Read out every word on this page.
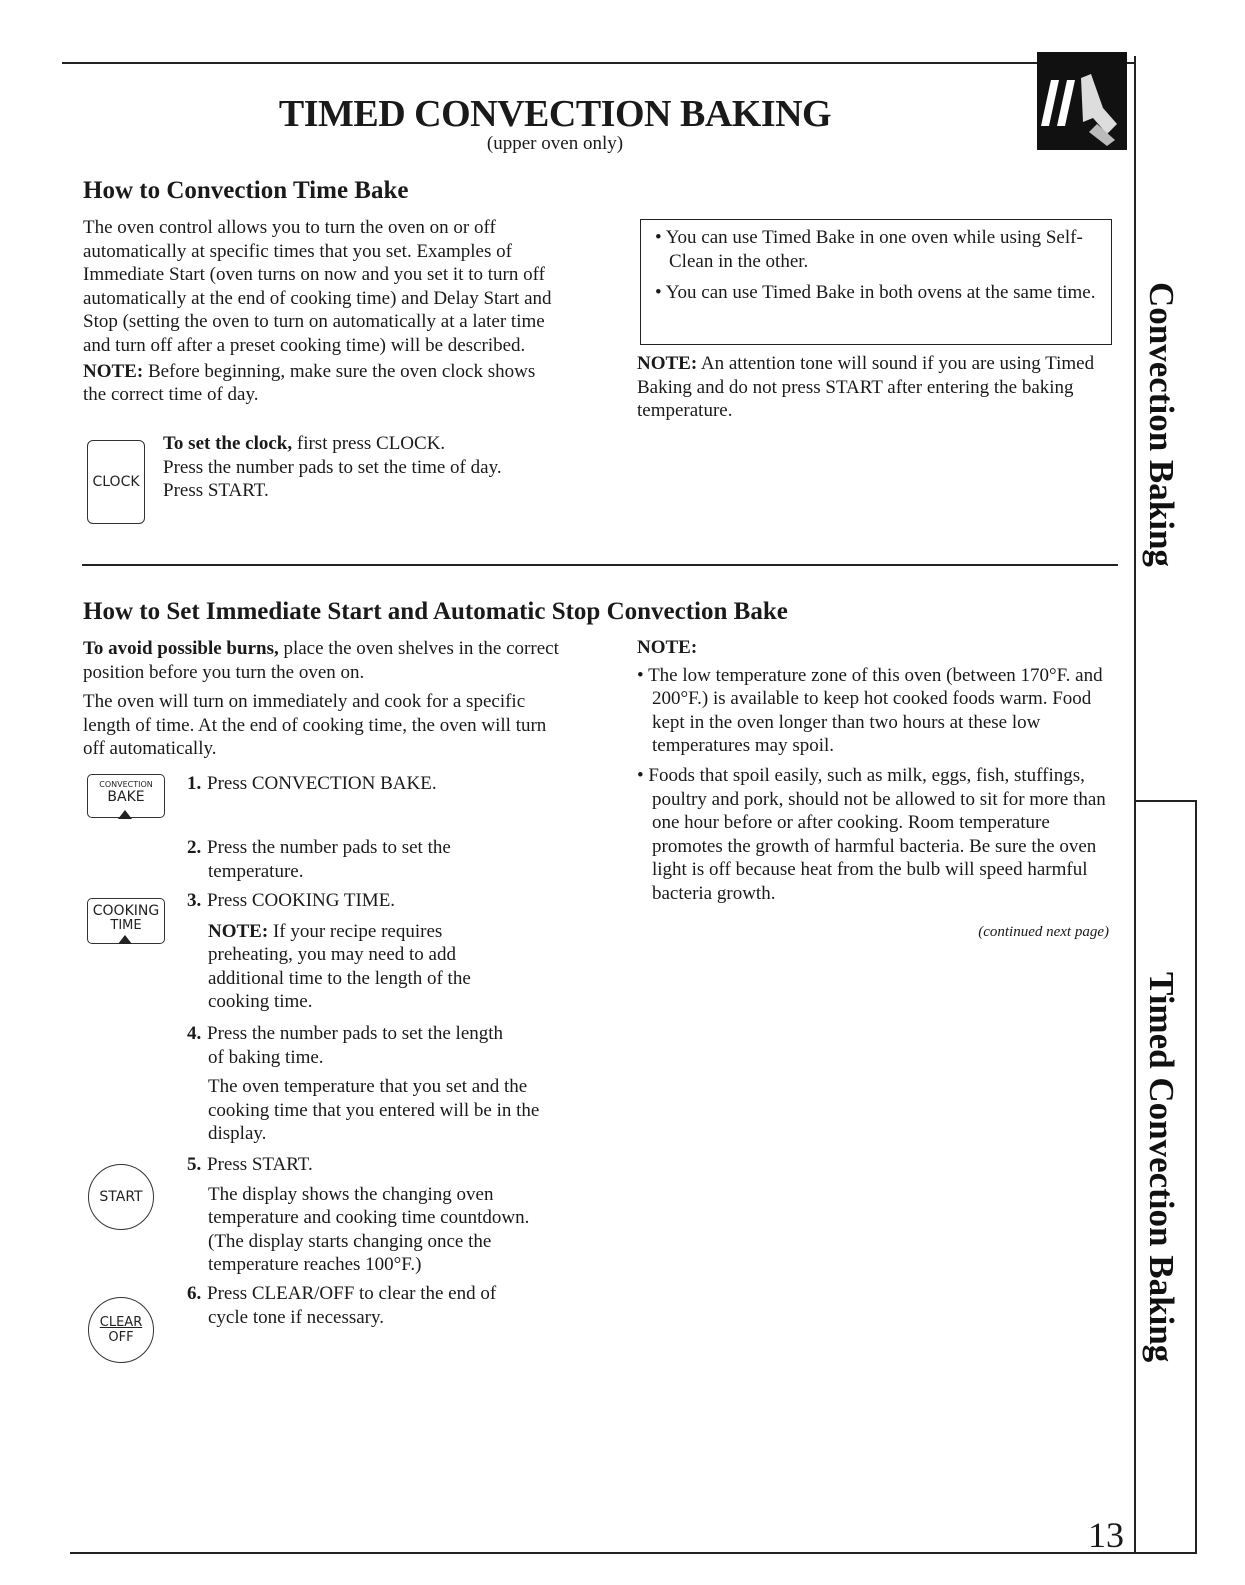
TIMED CONVECTION BAKING
(upper oven only)
How to Convection Time Bake

The oven control allows you to turn the oven on or off automatically at specific times that you set. Examples of Immediate Start (oven turns on now and you set it to turn off automatically at the end of cooking time) and Delay Start and Stop (setting the oven to turn on automatically at a later time and turn off after a preset cooking time) will be described.

NOTE: Before beginning, make sure the oven clock shows the correct time of day.

CLOCK
To set the clock, first press CLOCK.
Press the number pads to set the time of day.
Press START.
• You can use Timed Bake in one oven while using Self-Clean in the other.
• You can use Timed Bake in both ovens at the same time.
NOTE: An attention tone will sound if you are using Timed Baking and do not press START after entering the baking temperature.
How to Set Immediate Start and Automatic Stop Convection Bake

To avoid possible burns, place the oven shelves in the correct position before you turn the oven on.

The oven will turn on immediately and cook for a specific length of time. At the end of cooking time, the oven will turn off automatically.

CONVECTION
BAKE
COOKING
TIME
START
CLEAR
OFF
1. Press CONVECTION BAKE.
2. Press the number pads to set the
temperature.
3. Press COOKING TIME.
NOTE: If your recipe requires preheating, you may need to add additional time to the length of the cooking time.
4. Press the number pads to set the length
of baking time.
The oven temperature that you set and the cooking time that you entered will be in the display.
5. Press START.
The display shows the changing oven temperature and cooking time countdown. (The display starts changing once the temperature reaches 100°F.)
6. Press CLEAR/OFF to clear the end of
cycle tone if necessary.
NOTE:
• The low temperature zone of this oven (between 170°F. and 200°F.) is available to keep hot cooked foods warm. Food kept in the oven longer than two hours at these low temperatures may spoil.
• Foods that spoil easily, such as milk, eggs, fish, stuffings, poultry and pork, should not be allowed to sit for more than one hour before or after cooking. Room temperature promotes the growth of harmful bacteria. Be sure the oven light is off because heat from the bulb will speed harmful bacteria growth.
(continued next page)
Convection Baking
Timed Convection Baking
13
